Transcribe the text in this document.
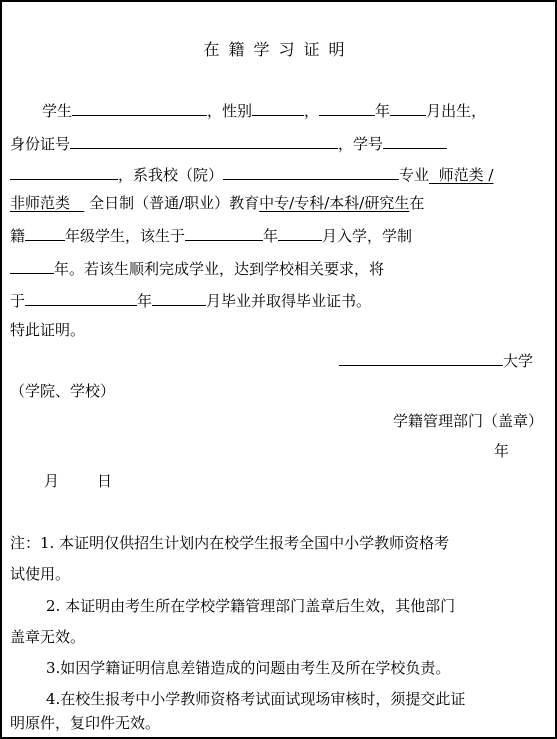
在籍学习证明
学生	，性别	，	年 月出生，
身份证号	，学号
，系我校（院）	专业 师范类 /
非师范类 全日制（普通/职业）教育中专/专科/本科/研究生在
籍	年级学生，该生于	年	月入学，学制
年。若该生顺利完成学业，达到学校相关要求，将
于	年	月毕业并取得毕业证书。
特此证明。
大学
（学院、学校）
学籍管理部门（盖章）
年
月	日
注：1. 本证明仅供招生计划内在校学生报考全国中小学教师资格考
试使用。
2. 本证明由考生所在学校学籍管理部门盖章后生效，其他部门
盖章无效。
3.如因学籍证明信息差错造成的问题由考生及所在学校负责。
4.在校生报考中小学教师资格考试面试现场审核时，须提交此证
明原件，复印件无效。
